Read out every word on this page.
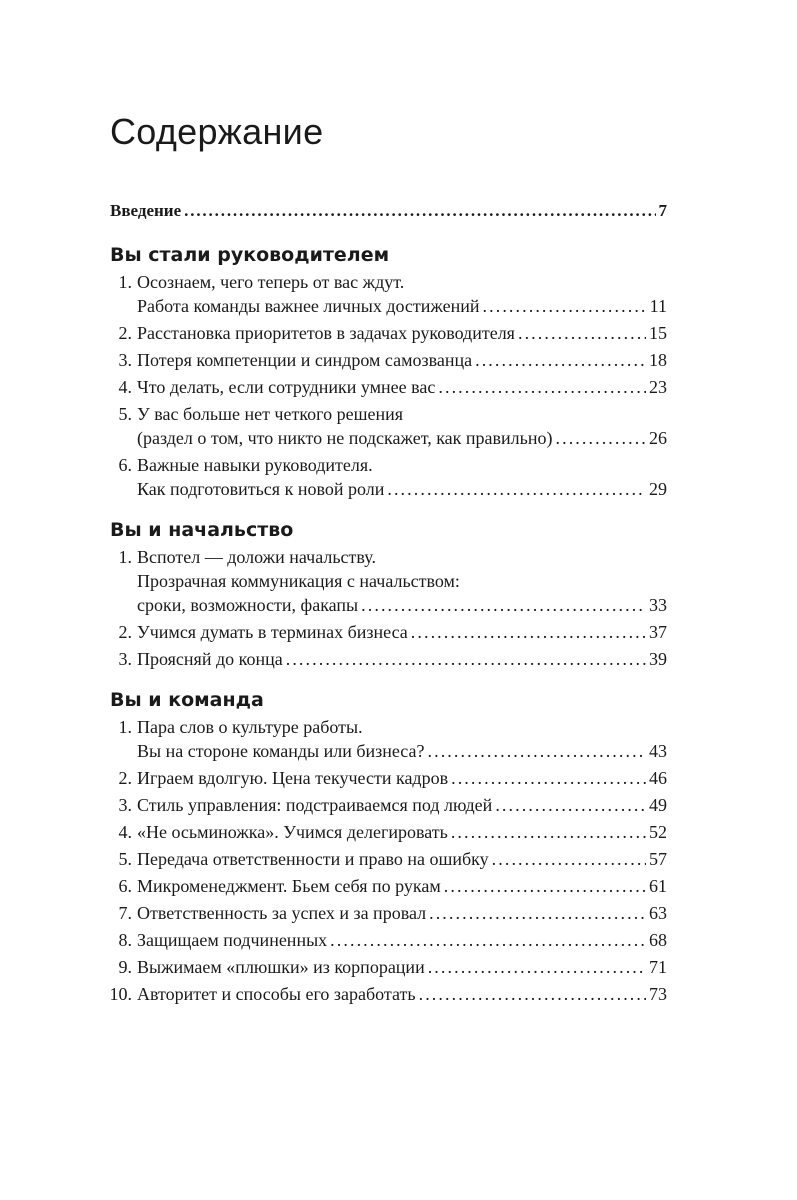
Содержание
Введение . . .	7
Вы стали руководителем
1. Осознаем, чего теперь от вас ждут.
Работа команды важнее личных достижений . . .	11
2. Расстановка приоритетов в задачах руководителя . . .	15
3. Потеря компетенции и синдром самозванца . . .	18
4. Что делать, если сотрудники умнее вас . . .	23
5. У вас больше нет четкого решения
(раздел о том, что никто не подскажет, как правильно) . . .	26
6. Важные навыки руководителя.
Как подготовиться к новой роли . . .	29
Вы и начальство
1. Вспотел — доложи начальству.
Прозрачная коммуникация с начальством:
сроки, возможности, факапы . . .	33
2. Учимся думать в терминах бизнеса . . .	37
3. Проясняй до конца . . .	39
Вы и команда
1. Пара слов о культуре работы.
Вы на стороне команды или бизнеса? . . .	43
2. Играем вдолгую. Цена текучести кадров . . .	46
3. Стиль управления: подстраиваемся под людей . . .	49
4. «Не осьминожка». Учимся делегировать . . .	52
5. Передача ответственности и право на ошибку . . .	57
6. Микроменеджмент. Бьем себя по рукам . . .	61
7. Ответственность за успех и за провал . . .	63
8. Защищаем подчиненных . . .	68
9. Выжимаем «плюшки» из корпорации . . .	71
10. Авторитет и способы его заработать . . .	73
